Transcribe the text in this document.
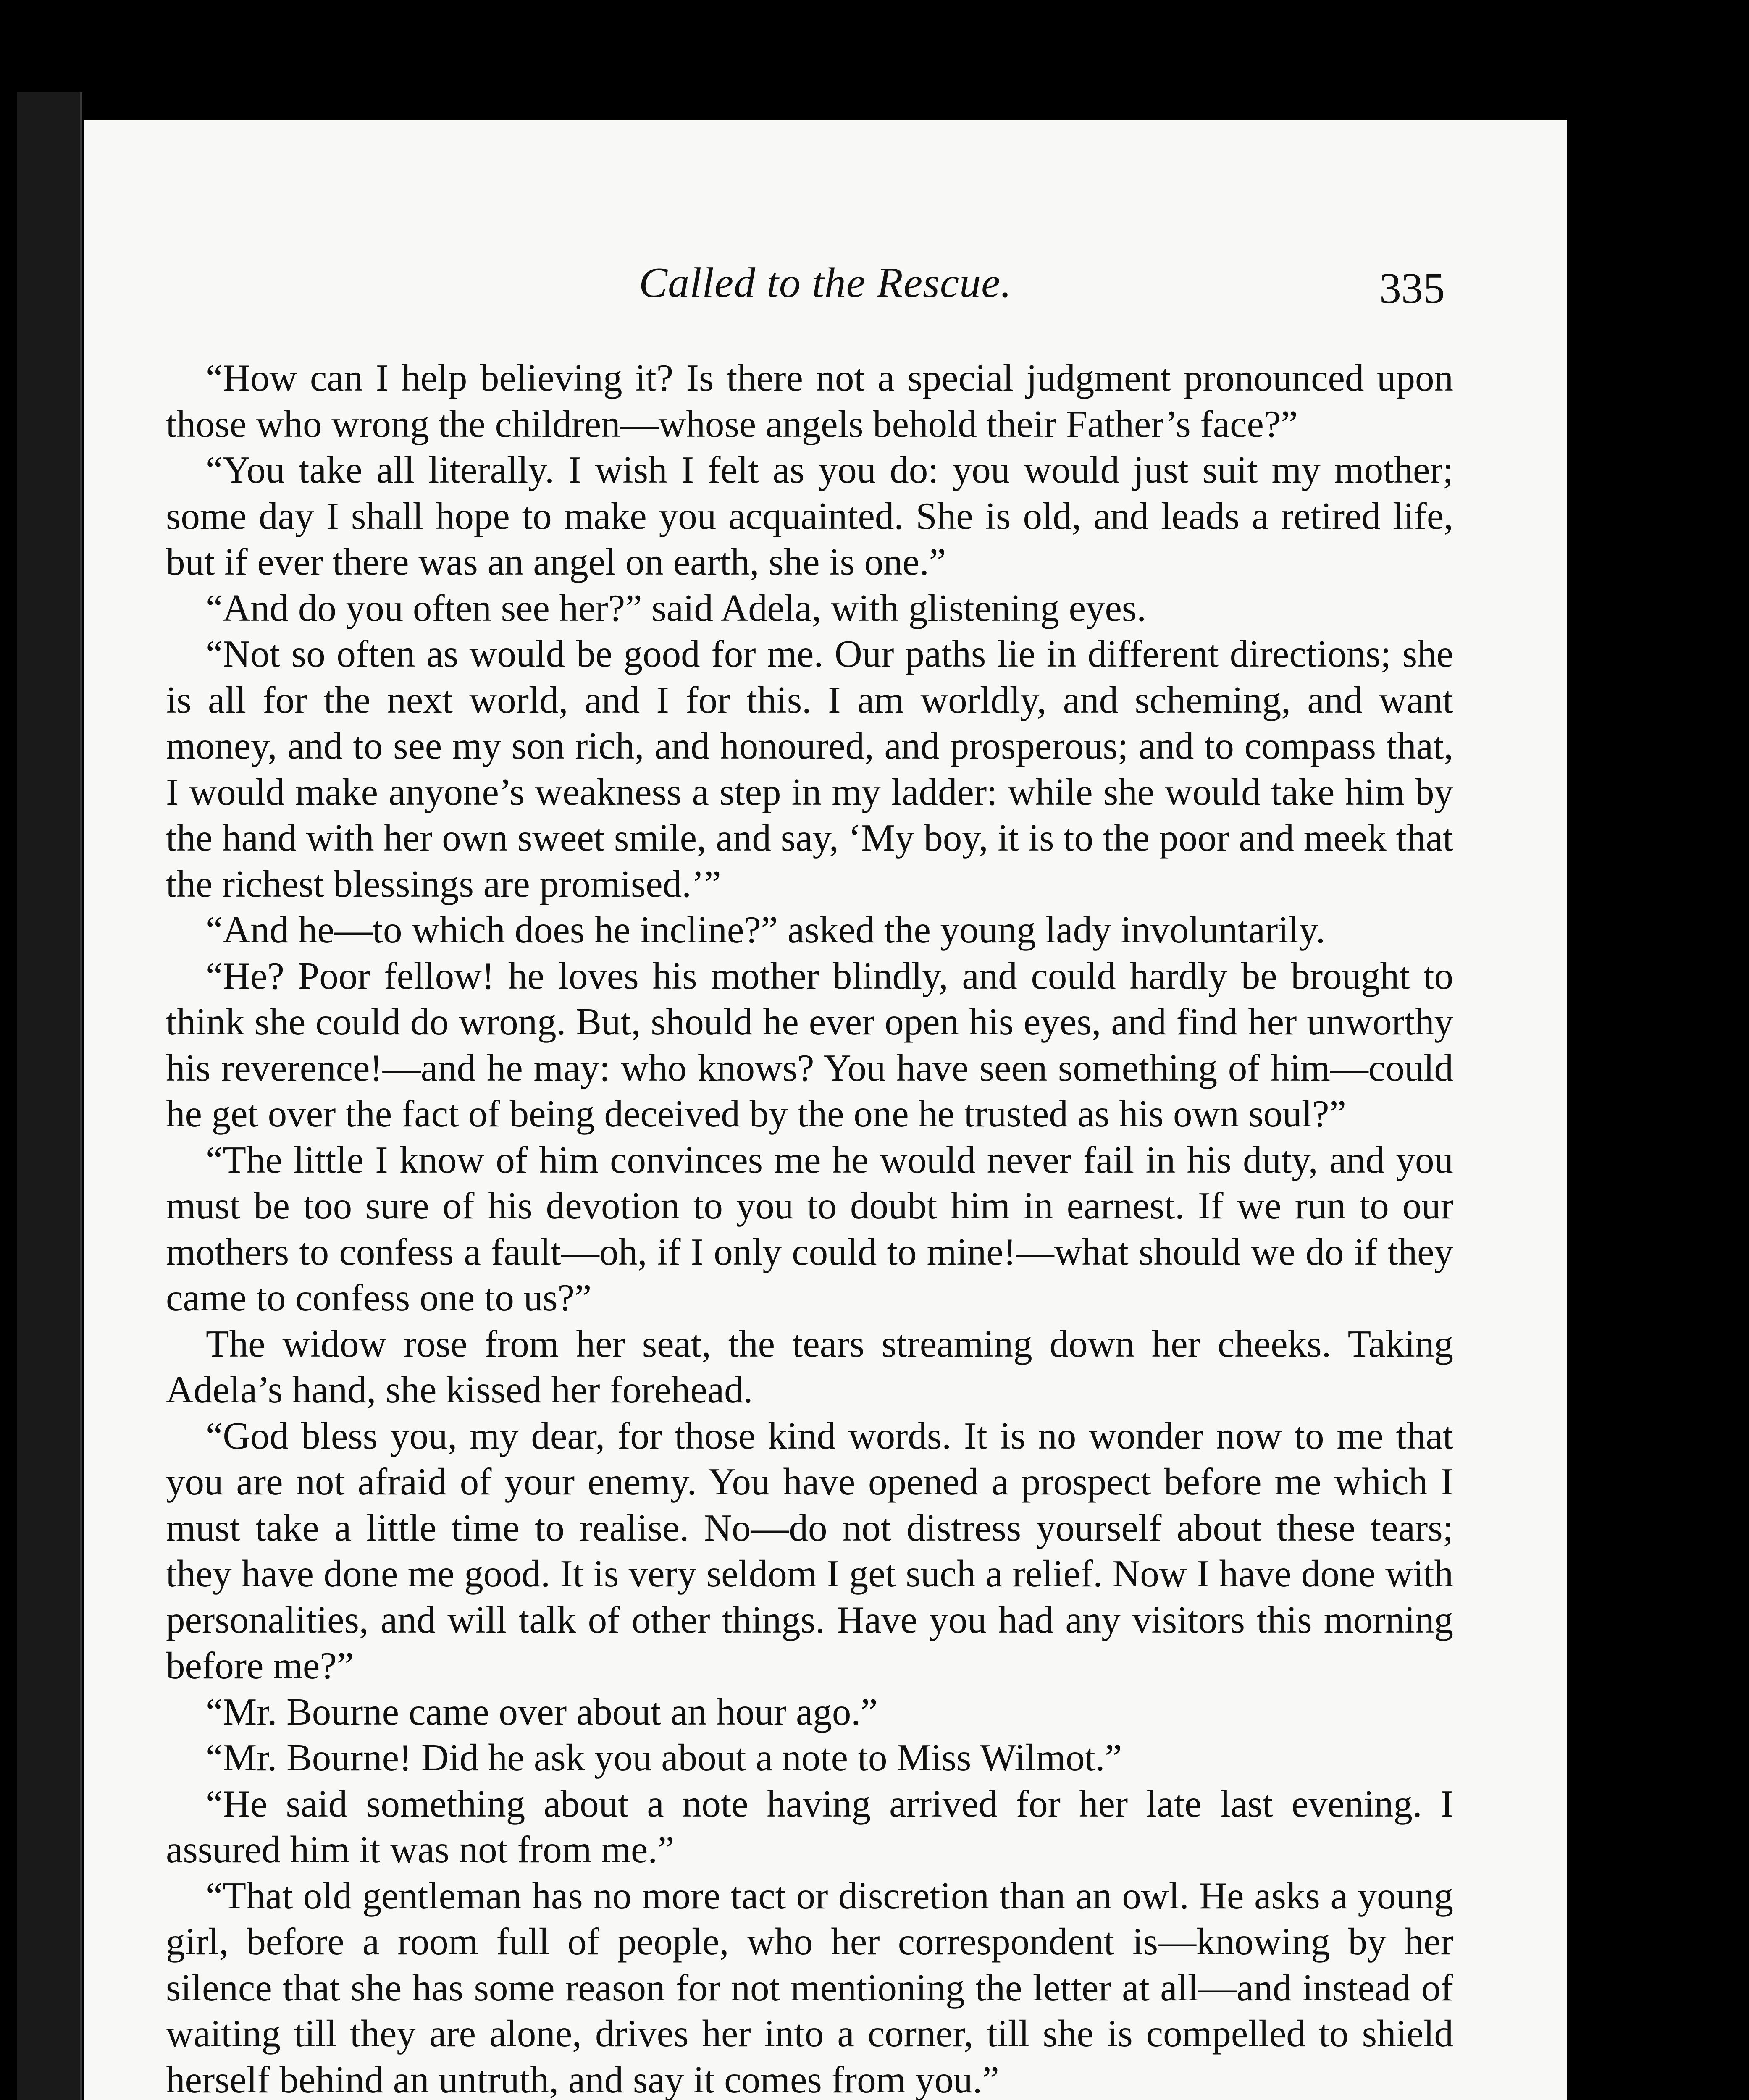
Called to the Rescue.	335

“How can I help believing it? Is there not a special judgment pronounced upon those who wrong the children—whose angels behold their Father’s face?”

“You take all literally. I wish I felt as you do: you would just suit my mother; some day I shall hope to make you acquainted. She is old, and leads a retired life, but if ever there was an angel on earth, she is one.”

“And do you often see her?” said Adela, with glistening eyes.

“Not so often as would be good for me. Our paths lie in different directions; she is all for the next world, and I for this. I am worldly, and scheming, and want money, and to see my son rich, and honoured, and prosperous; and to compass that, I would make anyone’s weakness a step in my ladder: while she would take him by the hand with her own sweet smile, and say, ‘My boy, it is to the poor and meek that the richest blessings are promised.’”

“And he—to which does he incline?” asked the young lady involuntarily.

“He? Poor fellow! he loves his mother blindly, and could hardly be brought to think she could do wrong. But, should he ever open his eyes, and find her unworthy his reverence!—and he may: who knows? You have seen something of him—could he get over the fact of being deceived by the one he trusted as his own soul?”

“The little I know of him convinces me he would never fail in his duty, and you must be too sure of his devotion to you to doubt him in earnest. If we run to our mothers to confess a fault—oh, if I only could to mine!—what should we do if they came to confess one to us?”

The widow rose from her seat, the tears streaming down her cheeks. Taking Adela’s hand, she kissed her forehead.

“God bless you, my dear, for those kind words. It is no wonder now to me that you are not afraid of your enemy. You have opened a prospect before me which I must take a little time to realise. No—do not distress yourself about these tears; they have done me good. It is very seldom I get such a relief. Now I have done with personalities, and will talk of other things. Have you had any visitors this morning before me?”

“Mr. Bourne came over about an hour ago.”

“Mr. Bourne! Did he ask you about a note to Miss Wilmot.”

“He said something about a note having arrived for her late last evening. I assured him it was not from me.”

“That old gentleman has no more tact or discretion than an owl. He asks a young girl, before a room full of people, who her correspondent is—knowing by her silence that she has some reason for not mentioning the letter at all—and instead of waiting till they are alone, drives her into a corner, till she is compelled to shield herself behind an untruth, and say it comes from you.”
